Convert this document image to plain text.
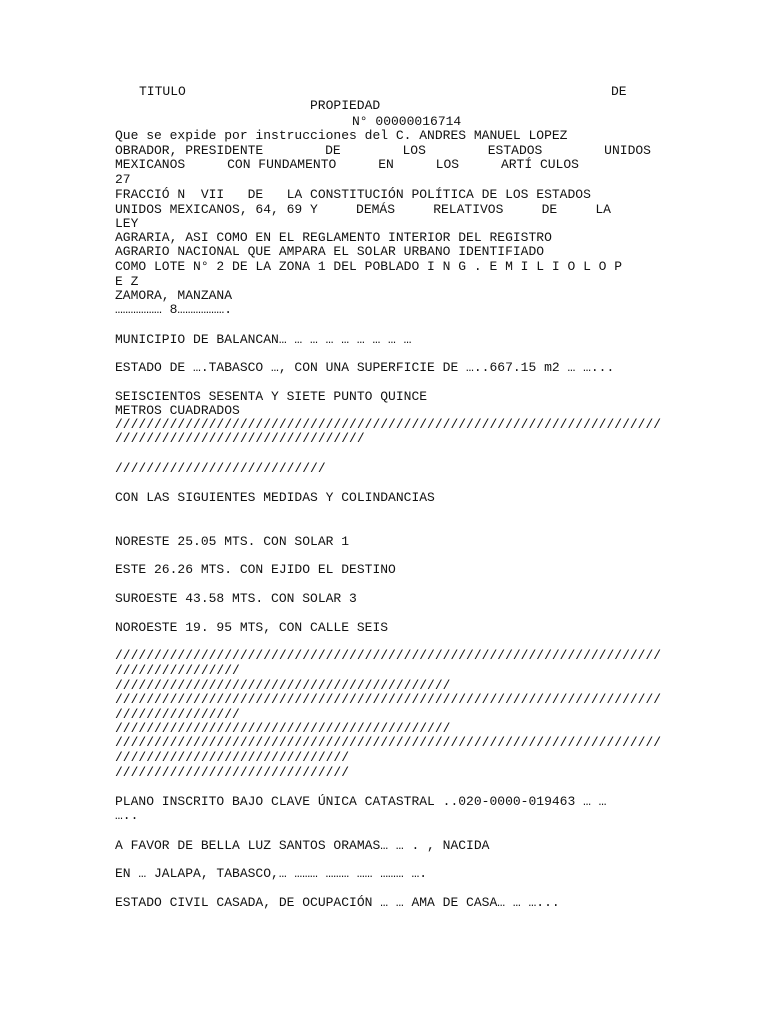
TITULO	DE
PROPIEDAD
N° 00000016714
Que se expide por instrucciones del C. ANDRES MANUEL LOPEZ
OBRADOR, PRESIDENTE	DE	LOS	ESTADOS	UNIDOS
MEXICANOS	CON FUNDAMENTO	EN	LOS	ARTÍ CULOS
27
FRACCIÓ N  VII   DE   LA CONSTITUCIÓN POLÍTICA DE LOS ESTADOS
UNIDOS MEXICANOS, 64, 69 Y	DEMÁS	RELATIVOS	DE	LA
LEY
AGRARIA, ASI COMO EN EL REGLAMENTO INTERIOR DEL REGISTRO
AGRARIO NACIONAL QUE AMPARA EL SOLAR URBANO IDENTIFIADO
COMO LOTE N° 2 DE LA ZONA 1 DEL POBLADO I N G . E M I L I O L O P
E Z
ZAMORA, MANZANA
……………… 8……………….
MUNICIPIO DE BALANCAN… … … … … … … … …
ESTADO DE ….TABASCO …, CON UNA SUPERFICIE DE …..667.15 m2 … …...
SEISCIENTOS SESENTA Y SIETE PUNTO QUINCE
METROS CUADRADOS
//////////////////////////////////////////////////////////////////////
////////////////////////////////
///////////////////////////
CON LAS SIGUIENTES MEDIDAS Y COLINDANCIAS
NORESTE 25.05 MTS. CON SOLAR 1
ESTE 26.26 MTS. CON EJIDO EL DESTINO
SUROESTE 43.58 MTS. CON SOLAR 3
NOROESTE 19. 95 MTS, CON CALLE SEIS
//////////////////////////////////////////////////////////////////////
////////////////
///////////////////////////////////////////
//////////////////////////////////////////////////////////////////////
////////////////
///////////////////////////////////////////
//////////////////////////////////////////////////////////////////////
//////////////////////////////
//////////////////////////////
PLANO INSCRITO BAJO CLAVE ÚNICA CATASTRAL ..020-0000-019463 … …
…..
A FAVOR DE BELLA LUZ SANTOS ORAMAS… … . , NACIDA
EN … JALAPA, TABASCO,… ……… ……… …… ……… ….
ESTADO CIVIL CASADA, DE OCUPACIÓN … … AMA DE CASA… … …...
